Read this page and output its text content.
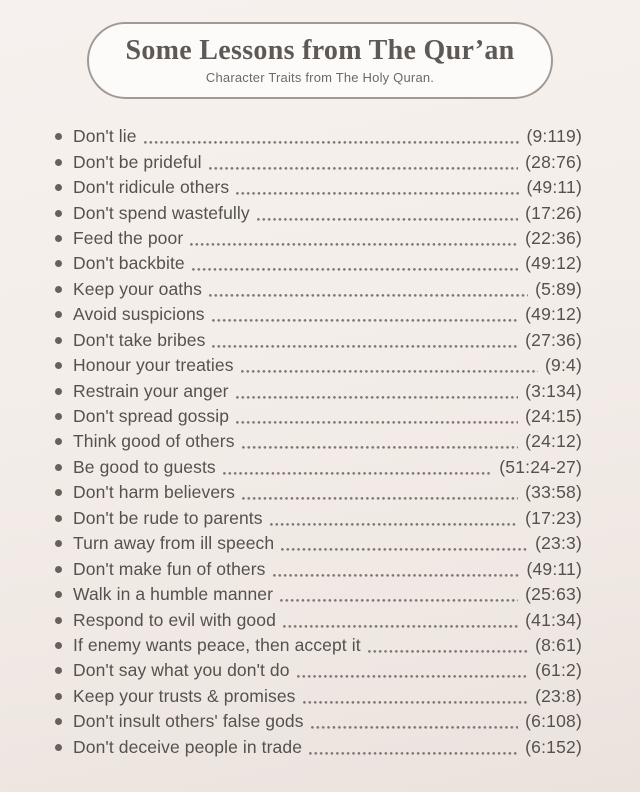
Some Lessons from The Qur’an
Character Traits from The Holy Quran.
Don't lie	(9:119)
Don't be prideful	(28:76)
Don't ridicule others	(49:11)
Don't spend wastefully	(17:26)
Feed the poor	(22:36)
Don't backbite	(49:12)
Keep your oaths	(5:89)
Avoid suspicions	(49:12)
Don't take bribes	(27:36)
Honour your treaties	(9:4)
Restrain your anger	(3:134)
Don't spread gossip	(24:15)
Think good of others	(24:12)
Be good to guests	(51:24-27)
Don't harm believers	(33:58)
Don't be rude to parents	(17:23)
Turn away from ill speech	(23:3)
Don't make fun of others	(49:11)
Walk in a humble manner	(25:63)
Respond to evil with good	(41:34)
If enemy wants peace, then accept it	(8:61)
Don't say what you don't do	(61:2)
Keep your trusts & promises	(23:8)
Don't insult others' false gods	(6:108)
Don't deceive people in trade	(6:152)
